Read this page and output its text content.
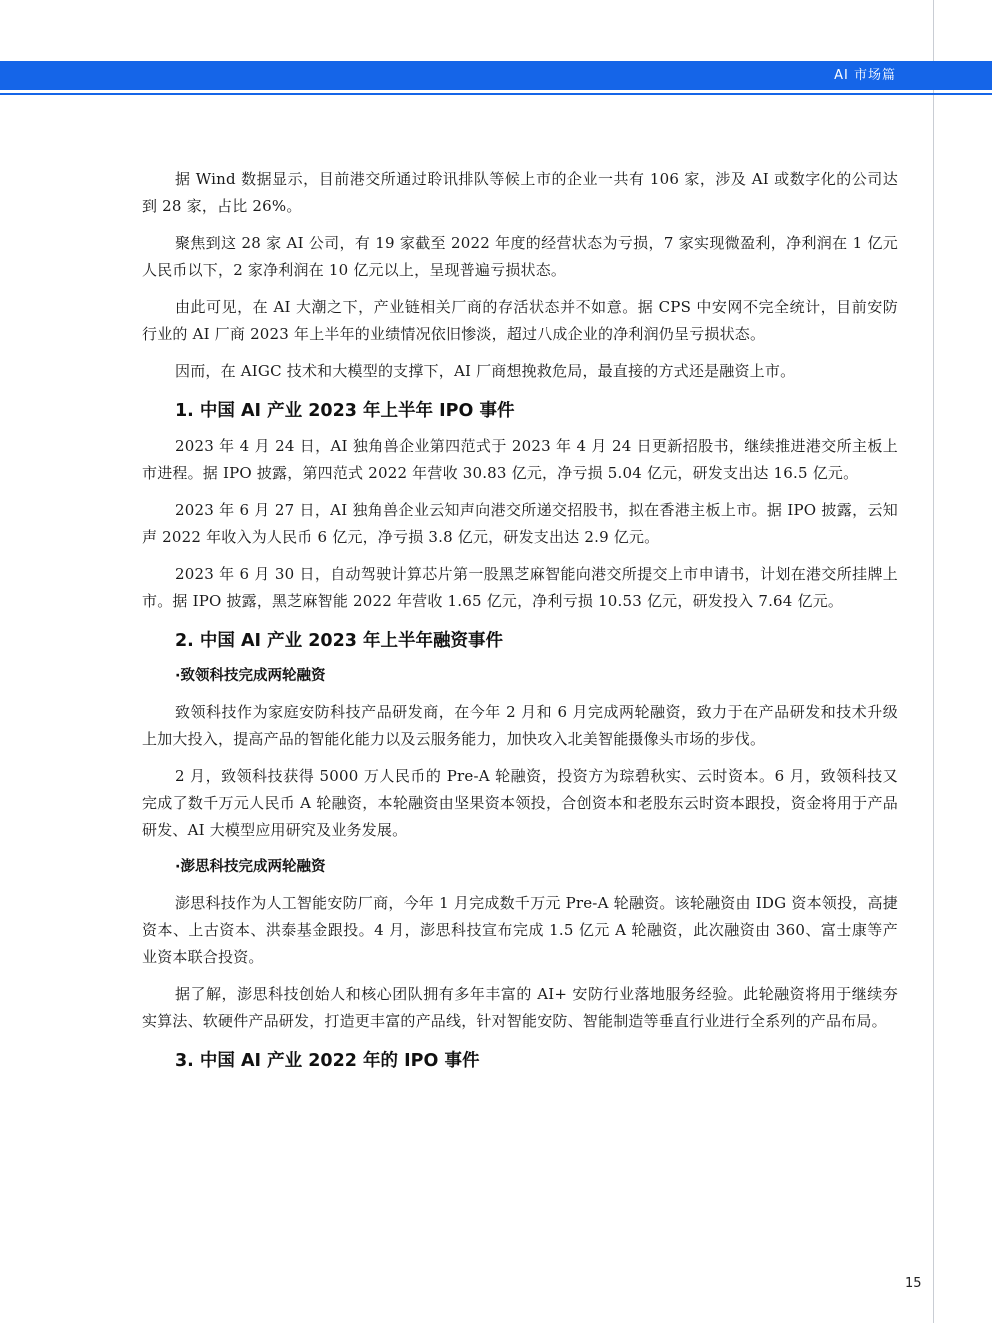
AI 市场篇

据 Wind 数据显示，目前港交所通过聆讯排队等候上市的企业一共有 106 家，涉及 AI 或数字化的公司达到 28 家，占比 26%。

聚焦到这 28 家 AI 公司，有 19 家截至 2022 年度的经营状态为亏损，7 家实现微盈利，净利润在 1 亿元人民币以下，2 家净利润在 10 亿元以上，呈现普遍亏损状态。

由此可见，在 AI 大潮之下，产业链相关厂商的存活状态并不如意。据 CPS 中安网不完全统计，目前安防行业的 AI 厂商 2023 年上半年的业绩情况依旧惨淡，超过八成企业的净利润仍呈亏损状态。

因而，在 AIGC 技术和大模型的支撑下，AI 厂商想挽救危局，最直接的方式还是融资上市。

1. 中国 AI 产业 2023 年上半年 IPO 事件

2023 年 4 月 24 日，AI 独角兽企业第四范式于 2023 年 4 月 24 日更新招股书，继续推进港交所主板上市进程。据 IPO 披露，第四范式 2022 年营收 30.83 亿元，净亏损 5.04 亿元，研发支出达 16.5 亿元。

2023 年 6 月 27 日，AI 独角兽企业云知声向港交所递交招股书，拟在香港主板上市。据 IPO 披露，云知声 2022 年收入为人民币 6 亿元，净亏损 3.8 亿元，研发支出达 2.9 亿元。

2023 年 6 月 30 日，自动驾驶计算芯片第一股黑芝麻智能向港交所提交上市申请书，计划在港交所挂牌上市。据 IPO 披露，黑芝麻智能 2022 年营收 1.65 亿元，净利亏损 10.53 亿元，研发投入 7.64 亿元。

2. 中国 AI 产业 2023 年上半年融资事件
·致领科技完成两轮融资

致领科技作为家庭安防科技产品研发商，在今年 2 月和 6 月完成两轮融资，致力于在产品研发和技术升级上加大投入，提高产品的智能化能力以及云服务能力，加快攻入北美智能摄像头市场的步伐。

2 月，致领科技获得 5000 万人民币的 Pre-A 轮融资，投资方为琮碧秋实、云时资本。6 月，致领科技又完成了数千万元人民币 A 轮融资，本轮融资由坚果资本领投，合创资本和老股东云时资本跟投，资金将用于产品研发、AI 大模型应用研究及业务发展。

·澎思科技完成两轮融资

澎思科技作为人工智能安防厂商，今年 1 月完成数千万元 Pre-A 轮融资。该轮融资由 IDG 资本领投，高捷资本、上古资本、洪泰基金跟投。4 月，澎思科技宣布完成 1.5 亿元 A 轮融资，此次融资由 360、富士康等产业资本联合投资。

据了解，澎思科技创始人和核心团队拥有多年丰富的 AI+ 安防行业落地服务经验。此轮融资将用于继续夯实算法、软硬件产品研发，打造更丰富的产品线，针对智能安防、智能制造等垂直行业进行全系列的产品布局。

3. 中国 AI 产业 2022 年的 IPO 事件
15
